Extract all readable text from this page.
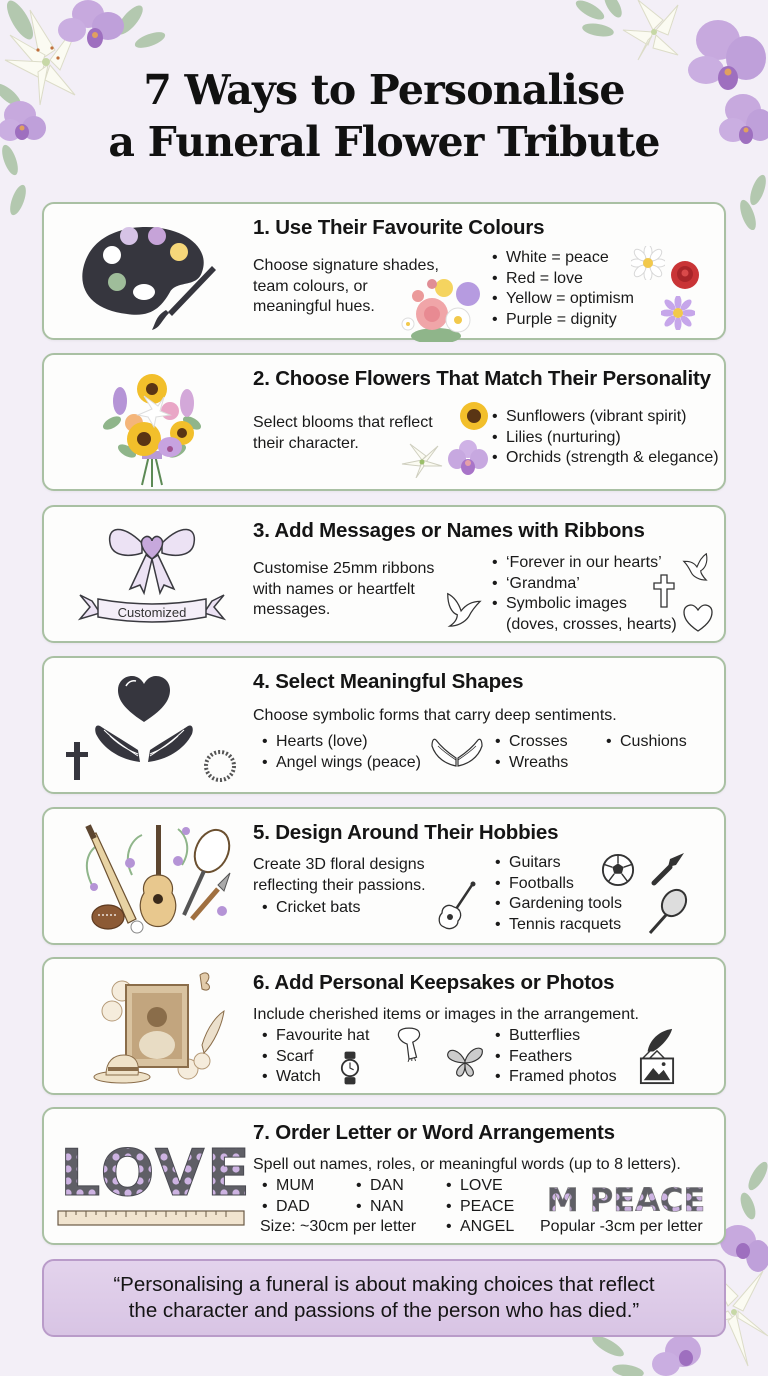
7 Ways to Personalise
a Funeral Flower Tribute
1. Use Their Favourite Colours
Choose signature shades,
team colours, or
meaningful hues.
• White = peace
• Red = love
• Yellow = optimism
• Purple = dignity
2. Choose Flowers That Match Their Personality
Select blooms that reflect
their character.
• Sunflowers (vibrant spirit)
• Lilies (nurturing)
• Orchids (strength & elegance)
Customized
3. Add Messages or Names with Ribbons
Customise 25mm ribbons
with names or heartfelt
messages.
• ‘Forever in our hearts’
• ‘Grandma’
• Symbolic images
(doves, crosses, hearts)
4. Select Meaningful Shapes
Choose symbolic forms that carry deep sentiments.
• Hearts (love)
• Angel wings (peace)
• Crosses
• Wreaths
• Cushions
5. Design Around Their Hobbies
Create 3D floral designs
reflecting their passions.
• Cricket bats
• Guitars
• Footballs
• Gardening tools
• Tennis racquets
6. Add Personal Keepsakes or Photos
Include cherished items or images in the arrangement.
• Favourite hat
• Scarf
• Watch
• Butterflies
• Feathers
• Framed photos
LOVE
7. Order Letter or Word Arrangements
Spell out names, roles, or meaningful words (up to 8 letters).
• MUM
• DAD
• DAN
• NAN
• LOVE
• PEACE
• ANGEL
Size: ~30cm per letter
M PEACE
Popular -3cm per letter
“Personalising a funeral is about making choices that reflect
the character and passions of the person who has died.”
